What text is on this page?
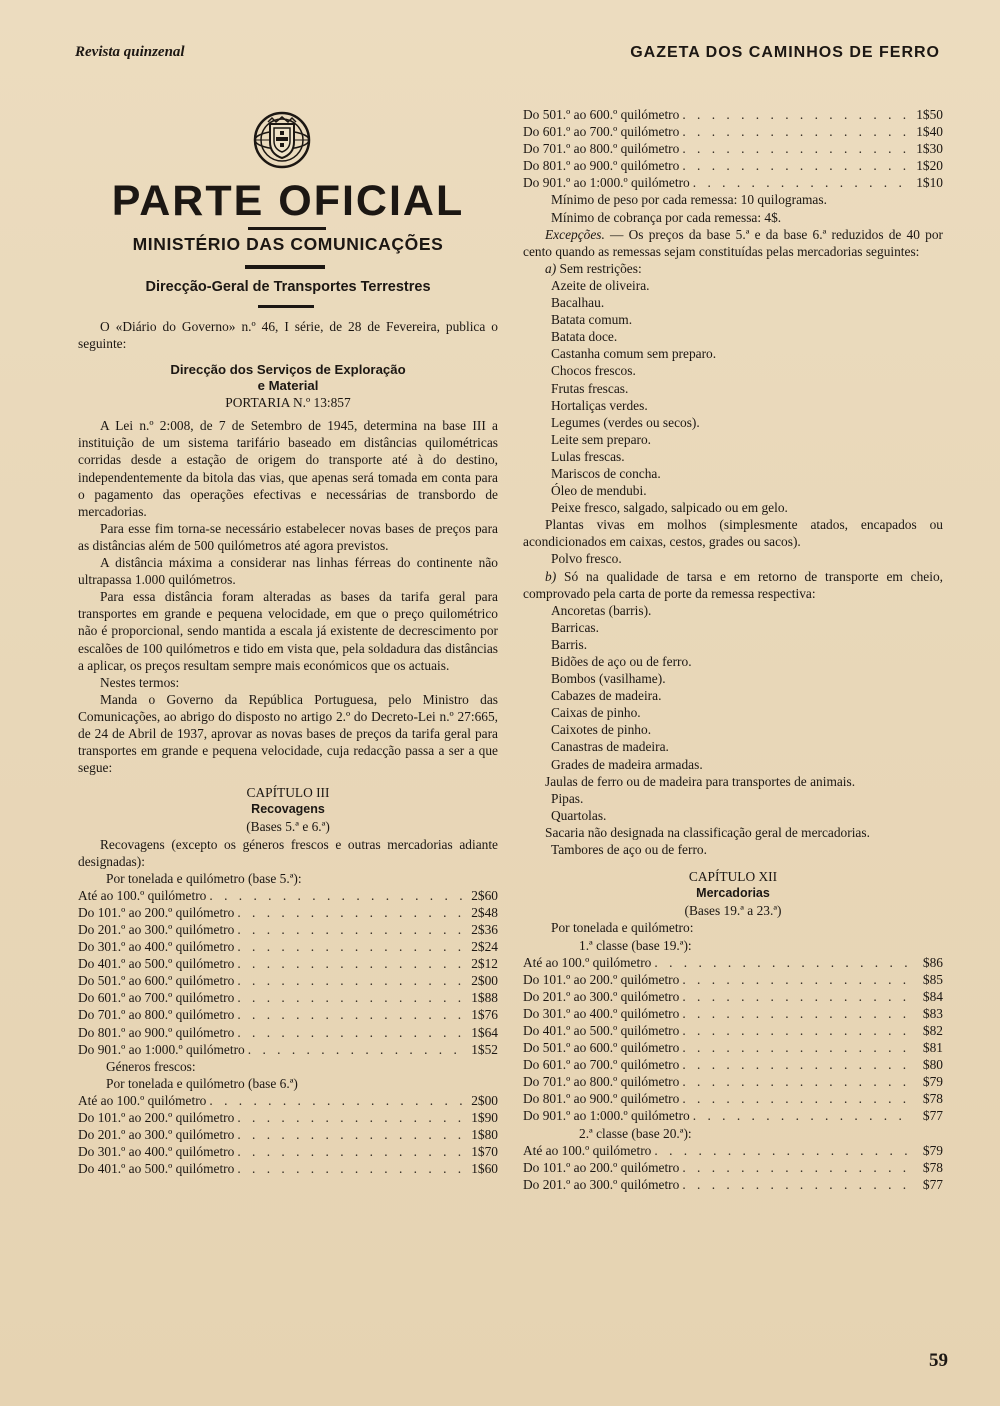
Revista quinzenal	GAZETA DOS CAMINHOS DE FERRO
PARTE OFICIAL
MINISTÉRIO DAS COMUNICAÇÕES
Direcção-Geral de Transportes Terrestres

O «Diário do Governo» n.º 46, I série, de 28 de Fevereira, publica o seguinte:

Direcção dos Serviços de Exploração
e Material
PORTARIA N.º 13:857

A Lei n.º 2:008, de 7 de Setembro de 1945, determina na base III a instituição de um sistema tarifário baseado em distâncias quilométricas corridas desde a estação de origem do transporte até à do destino, independentemente da bitola das vias, que apenas será tomada em conta para o pagamento das operações efectivas e necessárias de transbordo de mercadorias.

Para esse fim torna-se necessário estabelecer novas bases de preços para as distâncias além de 500 quilómetros até agora previstos.

A distância máxima a considerar nas linhas férreas do continente não ultrapassa 1.000 quilómetros.

Para essa distância foram alteradas as bases da tarifa geral para transportes em grande e pequena velocidade, em que o preço quilométrico não é proporcional, sendo mantida a escala já existente de decrescimento por escalões de 100 quilómetros e tido em vista que, pela soldadura das distâncias a aplicar, os preços resultam sempre mais económicos que os actuais.

Nestes termos:

Manda o Governo da República Portuguesa, pelo Ministro das Comunicações, ao abrigo do disposto no artigo 2.º do Decreto-Lei n.º 27:665, de 24 de Abril de 1937, aprovar as novas bases de preços da tarifa geral para transportes em grande e pequena velocidade, cuja redacção passa a ser a que segue:

CAPÍTULO III
Recovagens
(Bases 5.ª e 6.ª)

Recovagens (excepto os géneros frescos e outras mercadorias adiante designadas):

Por tonelada e quilómetro (base 5.ª):
Até ao 100.º quilómetro . . .	2$60
Do 101.º ao 200.º quilómetro . . .	2$48
Do 201.º ao 300.º quilómetro . . .	2$36
Do 301.º ao 400.º quilómetro . . .	2$24
Do 401.º ao 500.º quilómetro . . .	2$12
Do 501.º ao 600.º quilómetro . . .	2$00
Do 601.º ao 700.º quilómetro . . .	1$88
Do 701.º ao 800.º quilómetro . . .	1$76
Do 801.º ao 900.º quilómetro . . .	1$64
Do 901.º ao 1:000.º quilómetro . . .	1$52
Géneros frescos:
Por tonelada e quilómetro (base 6.ª)
Até ao 100.º quilómetro . . .	2$00
Do 101.º ao 200.º quilómetro . . .	1$90
Do 201.º ao 300.º quilómetro . . .	1$80
Do 301.º ao 400.º quilómetro . . .	1$70
Do 401.º ao 500.º quilómetro . . .	1$60
Do 501.º ao 600.º quilómetro . . .	1$50
Do 601.º ao 700.º quilómetro . . .	1$40
Do 701.º ao 800.º quilómetro . . .	1$30
Do 801.º ao 900.º quilómetro . . .	1$20
Do 901.º ao 1:000.º quilómetro . . .	1$10
Mínimo de peso por cada remessa: 10 quilogramas.
Mínimo de cobrança por cada remessa: 4$.

Excepções. — Os preços da base 5.ª e da base 6.ª reduzidos de 40 por cento quando as remessas sejam constituídas pelas mercadorias seguintes:

a) Sem restrições:

Azeite de oliveira.
Bacalhau.
Batata comum.
Batata doce.
Castanha comum sem preparo.
Chocos frescos.
Frutas frescas.
Hortaliças verdes.
Legumes (verdes ou secos).
Leite sem preparo.
Lulas frescas.
Mariscos de concha.
Óleo de mendubi.
Peixe fresco, salgado, salpicado ou em gelo.

Plantas vivas em molhos (simplesmente atados, encapados ou acondicionados em caixas, cestos, grades ou sacos).

Polvo fresco.

b) Só na qualidade de tarsa e em retorno de transporte em cheio, comprovado pela carta de porte da remessa respectiva:

Ancoretas (barris).
Barricas.
Barris.
Bidões de aço ou de ferro.
Bombos (vasilhame).
Cabazes de madeira.
Caixas de pinho.
Caixotes de pinho.
Canastras de madeira.
Grades de madeira armadas.

Jaulas de ferro ou de madeira para transportes de animais.

Pipas.
Quartolas.

Sacaria não designada na classificação geral de mercadorias.

Tambores de aço ou de ferro.
CAPÍTULO XII
Mercadorias
(Bases 19.ª a 23.ª)
Por tonelada e quilómetro:
1.ª classe (base 19.ª):
Até ao 100.º quilómetro . . .	$86
Do 101.º ao 200.º quilómetro . . .	$85
Do 201.º ao 300.º quilómetro . . .	$84
Do 301.º ao 400.º quilómetro . . .	$83
Do 401.º ao 500.º quilómetro . . .	$82
Do 501.º ao 600.º quilómetro . . .	$81
Do 601.º ao 700.º quilómetro . . .	$80
Do 701.º ao 800.º quilómetro . . .	$79
Do 801.º ao 900.º quilómetro . . .	$78
Do 901.º ao 1:000.º quilómetro . . .	$77
2.ª classe (base 20.ª):
Até ao 100.º quilómetro . . .	$79
Do 101.º ao 200.º quilómetro . . .	$78
Do 201.º ao 300.º quilómetro . . .	$77
59
